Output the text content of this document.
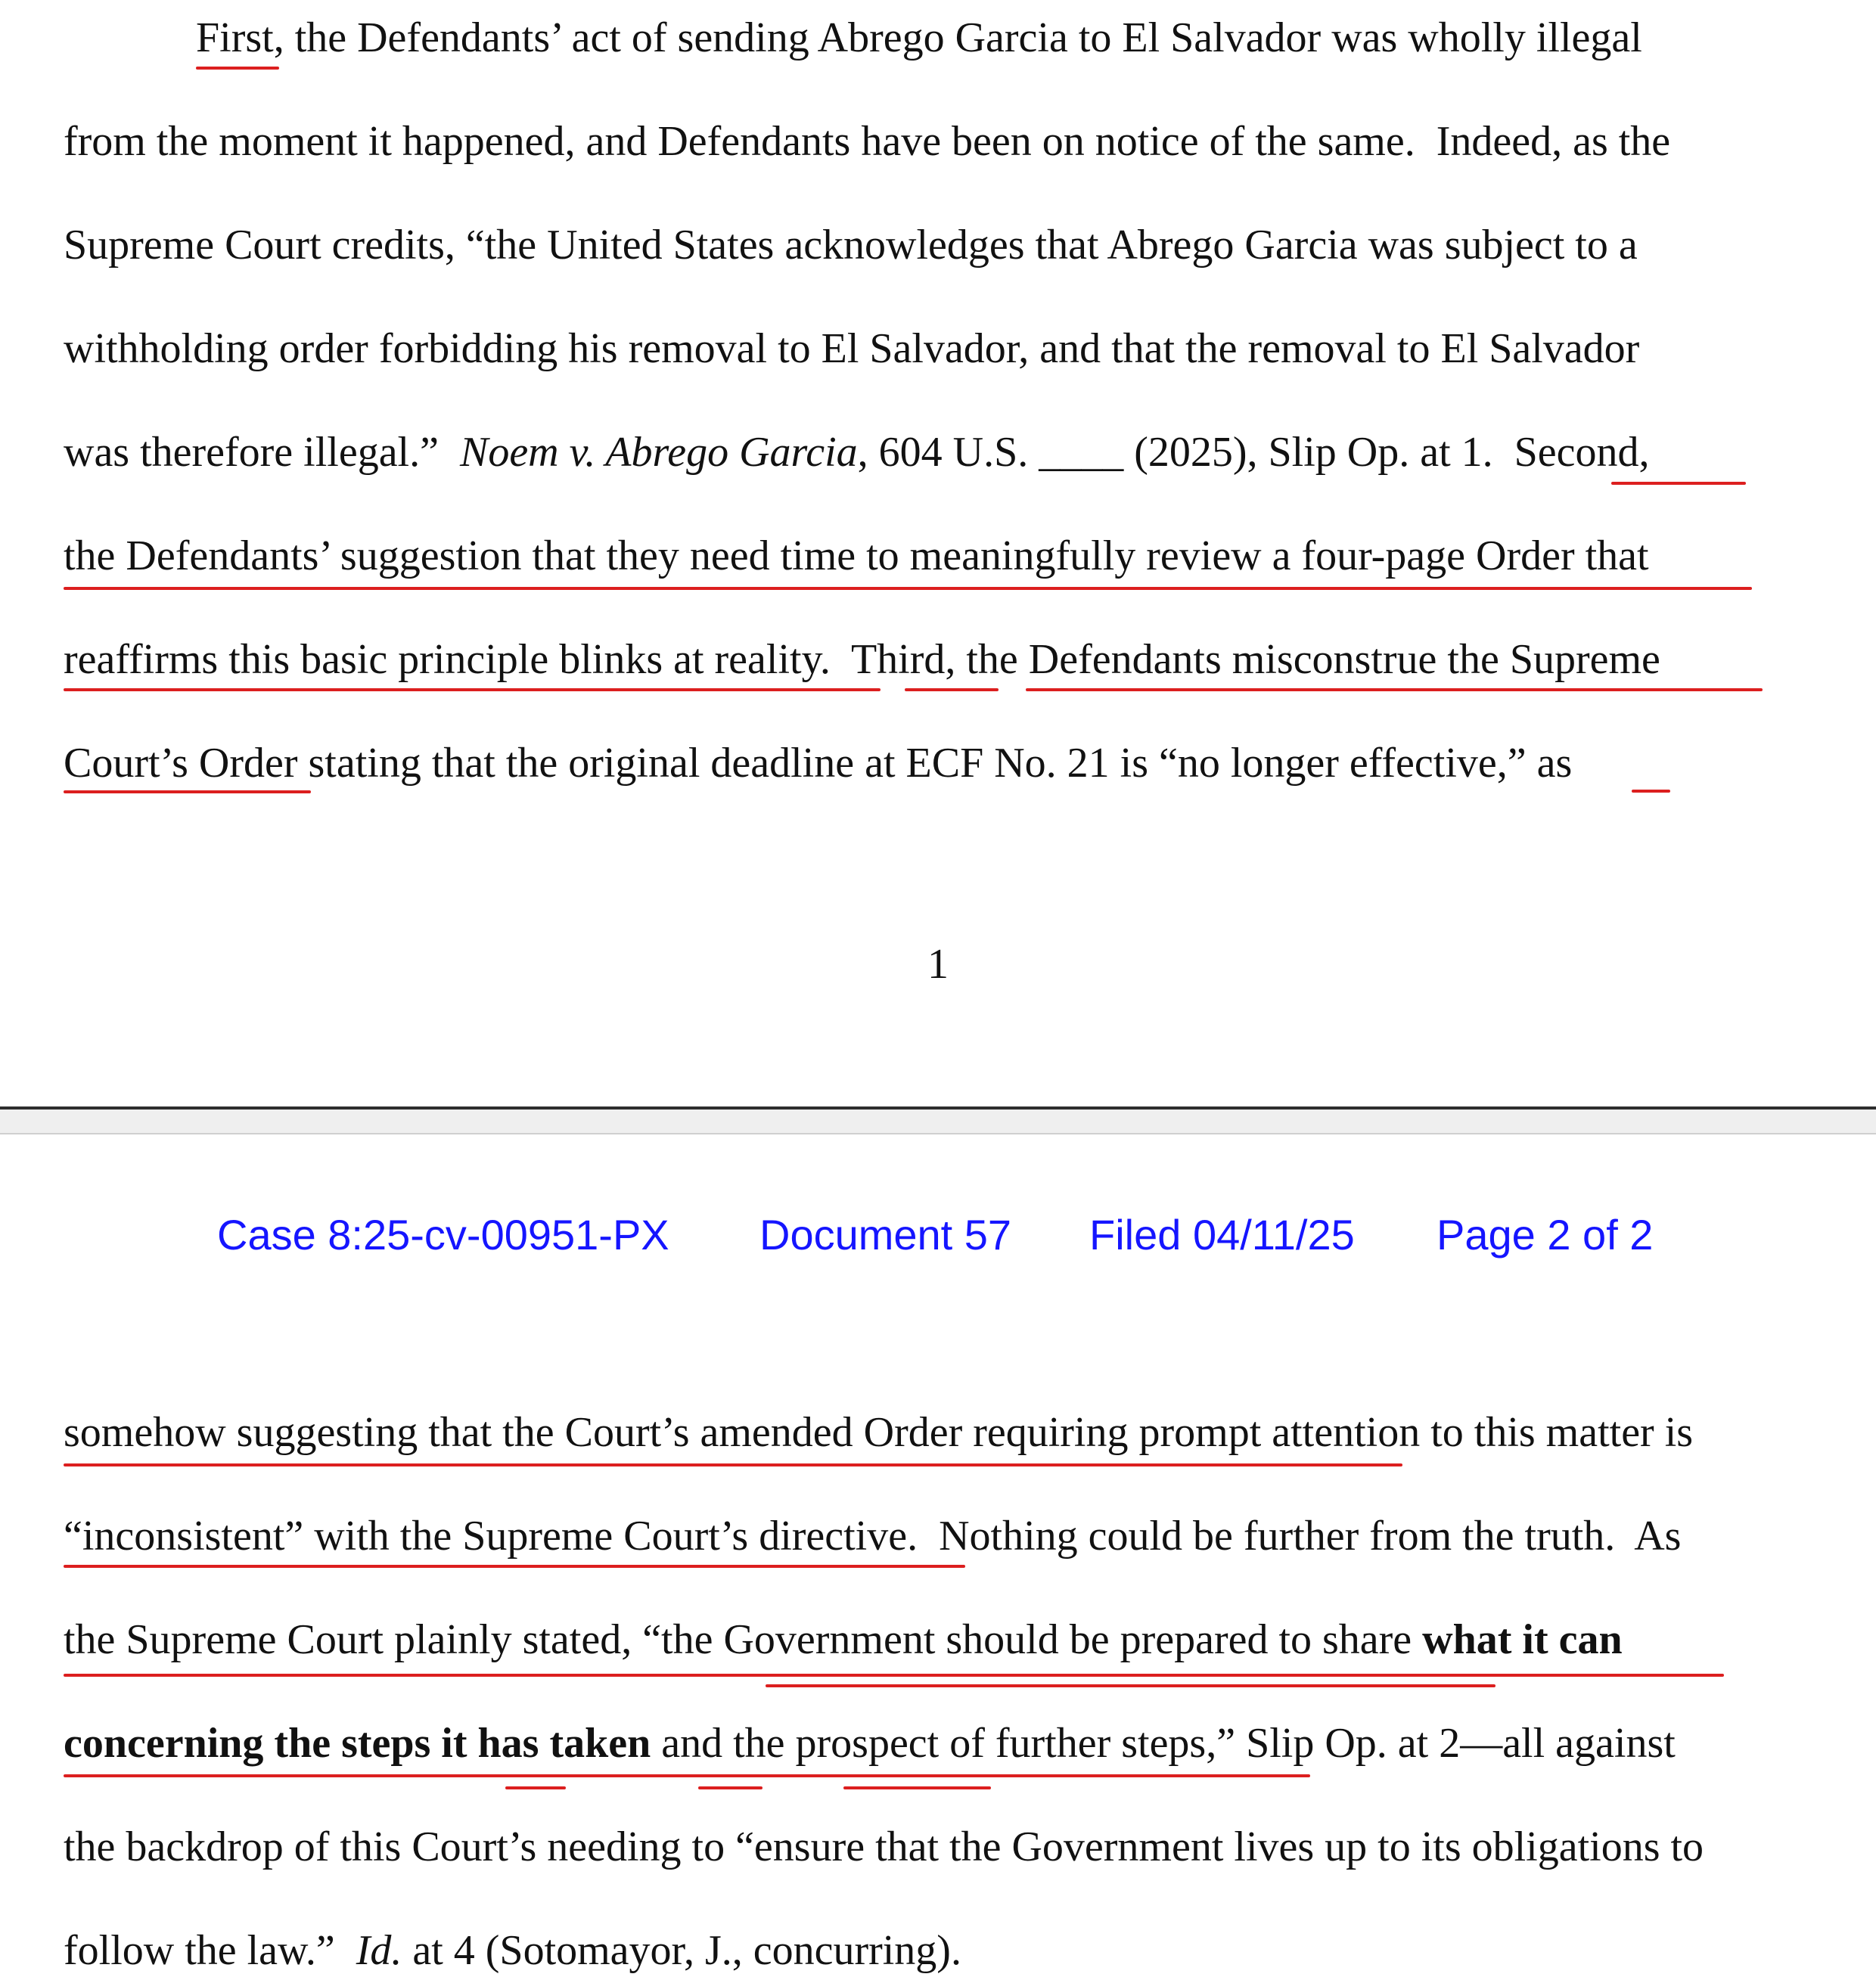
First, the Defendants’ act of sending Abrego Garcia to El Salvador was wholly illegal
from the moment it happened, and Defendants have been on notice of the same.  Indeed, as the
Supreme Court credits, “the United States acknowledges that Abrego Garcia was subject to a
withholding order forbidding his removal to El Salvador, and that the removal to El Salvador
was therefore illegal.”  Noem v. Abrego Garcia, 604 U.S. ____ (2025), Slip Op. at 1.  Second,
the Defendants’ suggestion that they need time to meaningfully review a four-page Order that
reaffirms this basic principle blinks at reality. Third, the Defendants misconstrue the Supreme
Court’s Order stating that the original deadline at ECF No. 21 is “no longer effective,” as
1
Case 8:25-cv-00951-PX Document 57 Filed 04/11/25 Page 2 of 2
somehow suggesting that the Court’s amended Order requiring prompt attention to this matter is
“inconsistent” with the Supreme Court’s directive.  Nothing could be further from the truth.  As
the Supreme Court plainly stated, “the Government should be prepared to share what it can
concerning the steps it has taken and the prospect of further steps,” Slip Op. at 2—all against
the backdrop of this Court’s needing to “ensure that the Government lives up to its obligations to
follow the law.”  Id. at 4 (Sotomayor, J., concurring).
